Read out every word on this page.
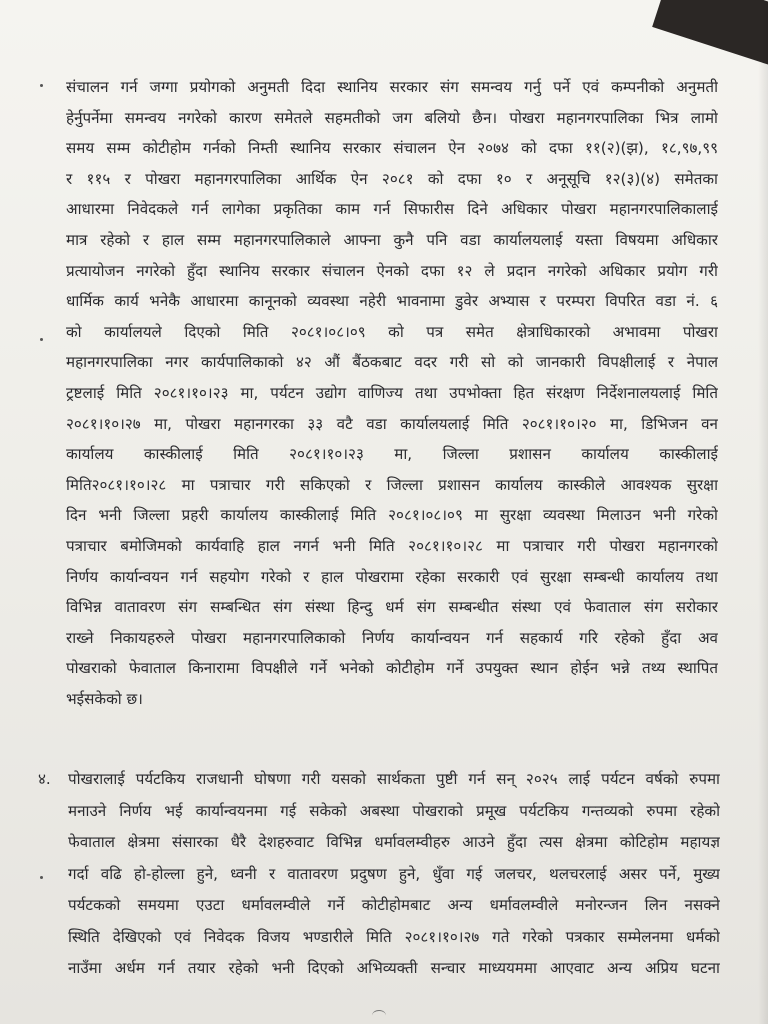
संचालन गर्न जग्गा प्रयोगको अनुमती दिदा स्थानिय सरकार संग समन्वय गर्नु पर्ने एवं कम्पनीको अनुमती
हेर्नुपर्नेमा समन्वय नगरेको कारण समेतले सहमतीको जग बलियो छैन। पोखरा महानगरपालिका भित्र लामो
समय सम्म कोटीहोम गर्नको निम्ती स्थानिय सरकार संचालन ऐन २०७४ को दफा ११(२)(झ), १८,९७,९९
र ११५ र पोखरा महानगरपालिका आर्थिक ऐन २०८१ को दफा १० र अनूसूचि १२(३)(४) समेतका
आधारमा निवेदकले गर्न लागेका प्रकृतिका काम गर्न सिफारीस दिने अधिकार पोखरा महानगरपालिकालाई
मात्र रहेको र हाल सम्म महानगरपालिकाले आफ्ना कुनै पनि वडा कार्यालयलाई यस्ता विषयमा अधिकार
प्रत्यायोजन नगरेको हुँदा स्थानिय सरकार संचालन ऐनको दफा १२ ले प्रदान नगरेको अधिकार प्रयोग गरी
धार्मिक कार्य भनेकै आधारमा कानूनको व्यवस्था नहेरी भावनामा डुवेर अभ्यास र परम्परा विपरित वडा नं. ६
को कार्यालयले दिएको मिति २०८१।०८।०९ को पत्र समेत क्षेत्राधिकारको अभावमा पोखरा
महानगरपालिका नगर कार्यपालिकाको ४२ औं बैंठकबाट वदर गरी सो को जानकारी विपक्षीलाई र नेपाल
ट्रष्टलाई मिति २०८१।१०।२३ मा, पर्यटन उद्योग वाणिज्य तथा उपभोक्ता हित संरक्षण निर्देशनालयलाई मिति
२०८१।१०।२७ मा, पोखरा महानगरका ३३ वटै वडा कार्यालयलाई मिति २०८१।१०।२० मा, डिभिजन वन
कार्यालय कास्कीलाई मिति २०८१।१०।२३ मा, जिल्ला प्रशासन कार्यालय कास्कीलाई
मिति२०८१।१०।२८ मा पत्राचार गरी सकिएको र जिल्ला प्रशासन कार्यालय कास्कीले आवश्यक सुरक्षा
दिन भनी जिल्ला प्रहरी कार्यालय कास्कीलाई मिति २०८१।०८।०९ मा सुरक्षा व्यवस्था मिलाउन भनी गरेको
पत्राचार बमोजिमको कार्यवाहि हाल नगर्न भनी मिति २०८१।१०।२८ मा पत्राचार गरी पोखरा महानगरको
निर्णय कार्यान्वयन गर्न सहयोग गरेको र हाल पोखरामा रहेका सरकारी एवं सुरक्षा सम्बन्धी कार्यालय तथा
विभिन्न वातावरण संग सम्बन्धित संग संस्था हिन्दु धर्म संग सम्बन्धीत संस्था एवं फेवाताल संग सरोकार
राख्ने निकायहरुले पोखरा महानगरपालिकाको निर्णय कार्यान्वयन गर्न सहकार्य गरि रहेको हुँदा अव
पोखराको फेवाताल किनारामा विपक्षीले गर्ने भनेको कोटीहोम गर्ने उपयुक्त स्थान होईन भन्ने तथ्य स्थापित
भईसकेको छ।
४.	पोखरालाई पर्यटकिय राजधानी घोषणा गरी यसको सार्थकता पुष्टी गर्न सन् २०२५ लाई पर्यटन वर्षको रुपमा
मनाउने निर्णय भई कार्यान्वयनमा गई सकेको अबस्था पोखराको प्रमूख पर्यटकिय गन्तव्यको रुपमा रहेको
फेवाताल क्षेत्रमा संसारका धैरै देशहरुवाट विभिन्न धर्मावलम्वीहरु आउने हुँदा त्यस क्षेत्रमा कोटिहोम महायज्ञ
गर्दा वढि हो-होल्ला हुने, ध्वनी र वातावरण प्रदुषण हुने, धुँवा गई जलचर, थलचरलाई असर पर्ने, मुख्य
पर्यटकको समयमा एउटा धर्मावलम्वीले गर्ने कोटीहोमबाट अन्य धर्मावलम्वीले मनोरन्जन लिन नसक्ने
स्थिति देखिएको एवं निवेदक विजय भण्डारीले मिति २०८१।१०।२७ गते गरेको पत्रकार सम्मेलनमा धर्मको
नाउँमा अर्धम गर्न तयार रहेको भनी दिएको अभिव्यक्ती सन्चार माध्ययममा आएवाट अन्य अप्रिय घटना
